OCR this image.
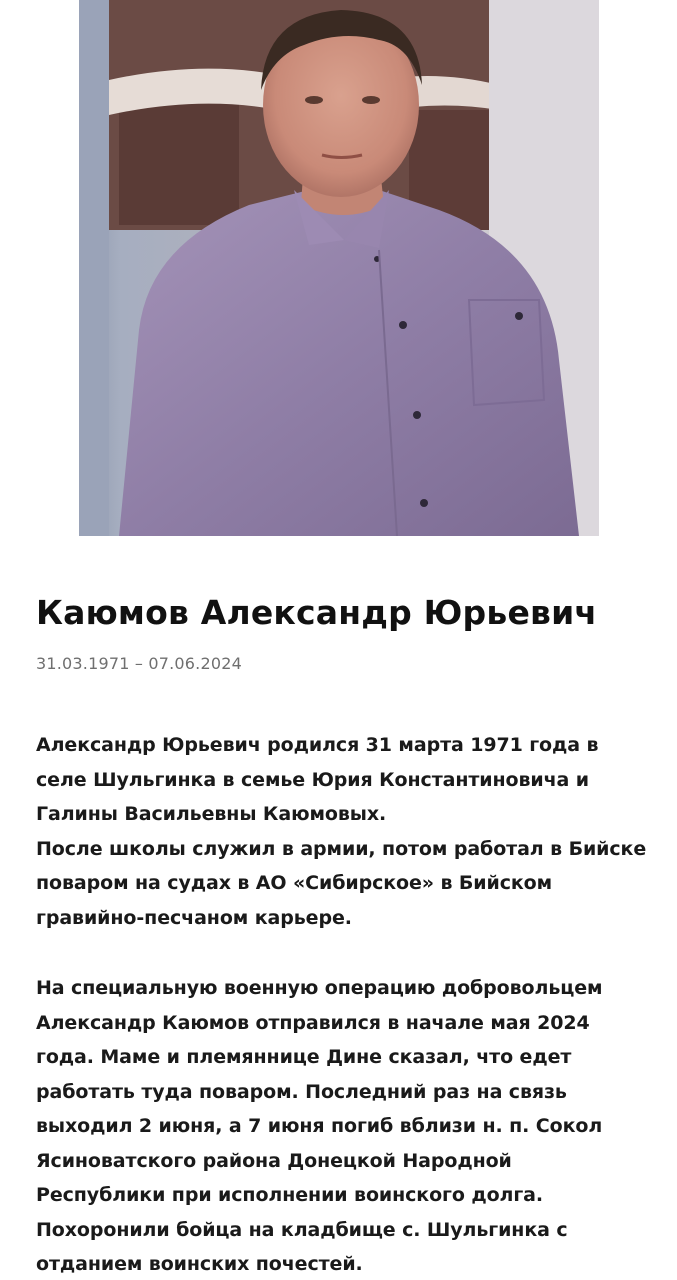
Каюмов Александр Юрьевич
31.03.1971 – 07.06.2024

Александр Юрьевич родился 31 марта 1971 года в

селе Шульгинка в семье Юрия Константиновича и

Галины Васильевны Каюмовых.

После школы служил в армии, потом работал в Бийске

поваром на судах в АО «Сибирское» в Бийском

гравийно-песчаном карьере.

На специальную военную операцию добровольцем

Александр Каюмов отправился в начале мая 2024

года. Маме и племяннице Дине сказал, что едет

работать туда поваром. Последний раз на связь

выходил 2 июня, а 7 июня погиб вблизи н. п. Сокол

Ясиноватского района Донецкой Народной

Республики при исполнении воинского долга.

Похоронили бойца на кладбище с. Шульгинка с

отданием воинских почестей.
